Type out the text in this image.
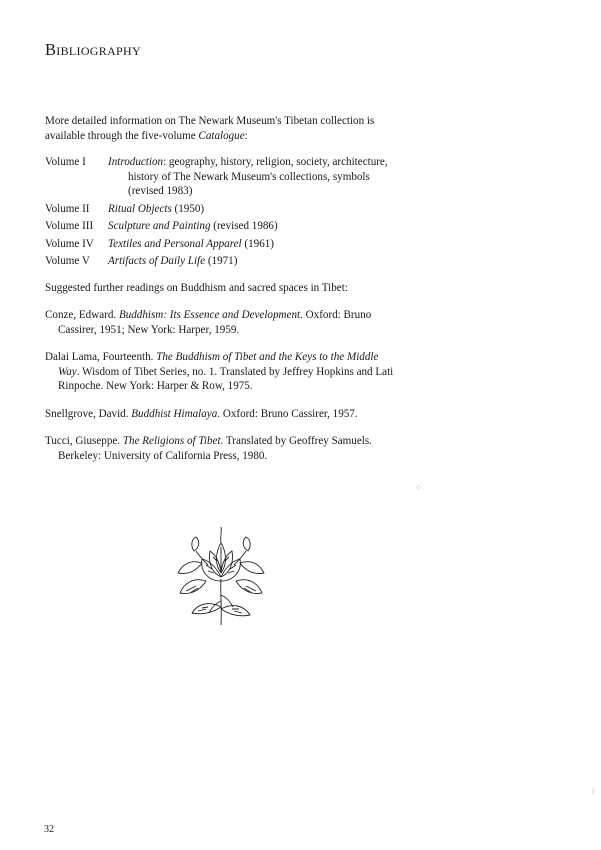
Bibliography

More detailed information on The Newark Museum's Tibetan collection is available through the five-volume Catalogue:

Volume I	Introduction: geography, history, religion, society, architecture, history of The Newark Museum's collections, symbols (revised 1983)
Volume II	Ritual Objects (1950)
Volume III	Sculpture and Painting (revised 1986)
Volume IV	Textiles and Personal Apparel (1961)
Volume V	Artifacts of Daily Life (1971)

Suggested further readings on Buddhism and sacred spaces in Tibet:

Conze, Edward. Buddhism: Its Essence and Development. Oxford: Bruno Cassirer, 1951; New York: Harper, 1959.

Dalai Lama, Fourteenth. The Buddhism of Tibet and the Keys to the Middle Way. Wisdom of Tibet Series, no. 1. Translated by Jeffrey Hopkins and Lati Rinpoche. New York: Harper & Row, 1975.

Snellgrove, David. Buddhist Himalaya. Oxford: Bruno Cassirer, 1957.

Tucci, Giuseppe. The Religions of Tibet. Translated by Geoffrey Samuels. Berkeley: University of California Press, 1980.

32
⁘
⁞
